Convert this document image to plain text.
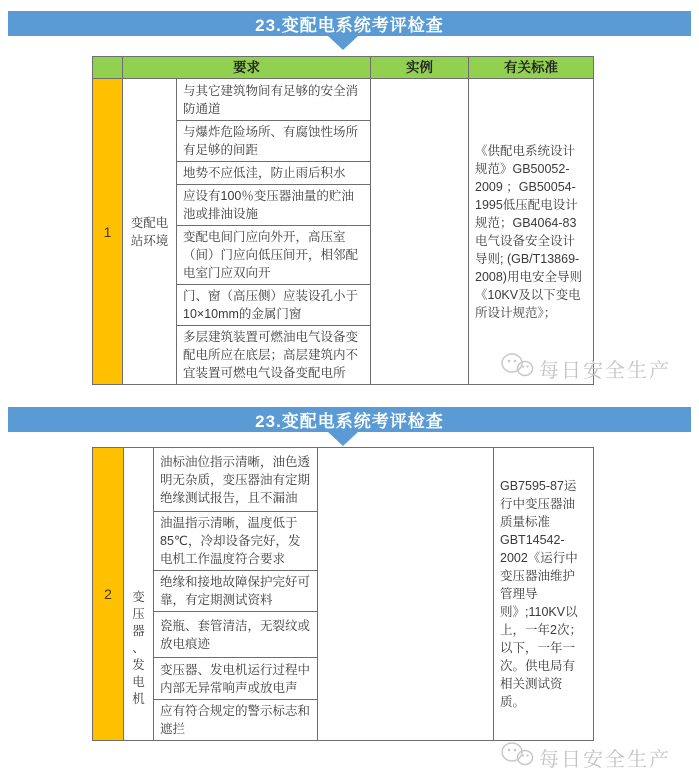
23.变配电系统考评检查
	要求		实例	有关标准
1	变配电站环境	与其它建筑物间有足够的安全消防通道		《供配电系统设计规范》GB50052-2009 ；GB50054-1995低压配电设计规范；GB4064-83电气设备安全设计导则; (GB/T13869-2008)用电安全导则 《10KV及以下变电所设计规范》；
		与爆炸危险场所、有腐蚀性场所有足够的间距		
		地势不应低洼，防止雨后积水		
		应设有100％变压器油量的贮油池或排油设施		
		变配电间门应向外开，高压室（间）门应向低压间开，相邻配电室门应双向开		
		门、窗（高压侧）应装设孔小于10×10mm的金属门窗		
		多层建筑装置可燃油电气设备变配电所应在底层；高层建筑内不宜装置可燃电气设备变配电所		
23.变配电系统考评检查
2	变压器、发电机	油标油位指示清晰，油色透明无杂质，变压器油有定期绝缘测试报告，且不漏油		GB7595-87运行中变压器油质量标准GBT14542-2002《运行中变压器油维护管理导则》;110KV以上，一年2次；以下，一年一次。供电局有相关测试资质。
油温指示清晰，温度低于85℃，冷却设备完好，发电机工作温度符合要求
绝缘和接地故障保护完好可靠，有定期测试资料
瓷瓶、套管清洁，无裂纹或放电痕迹
变压器、发电机运行过程中内部无异常响声或放电声
应有符合规定的警示标志和遮拦
每日安全生产
每日安全生产
